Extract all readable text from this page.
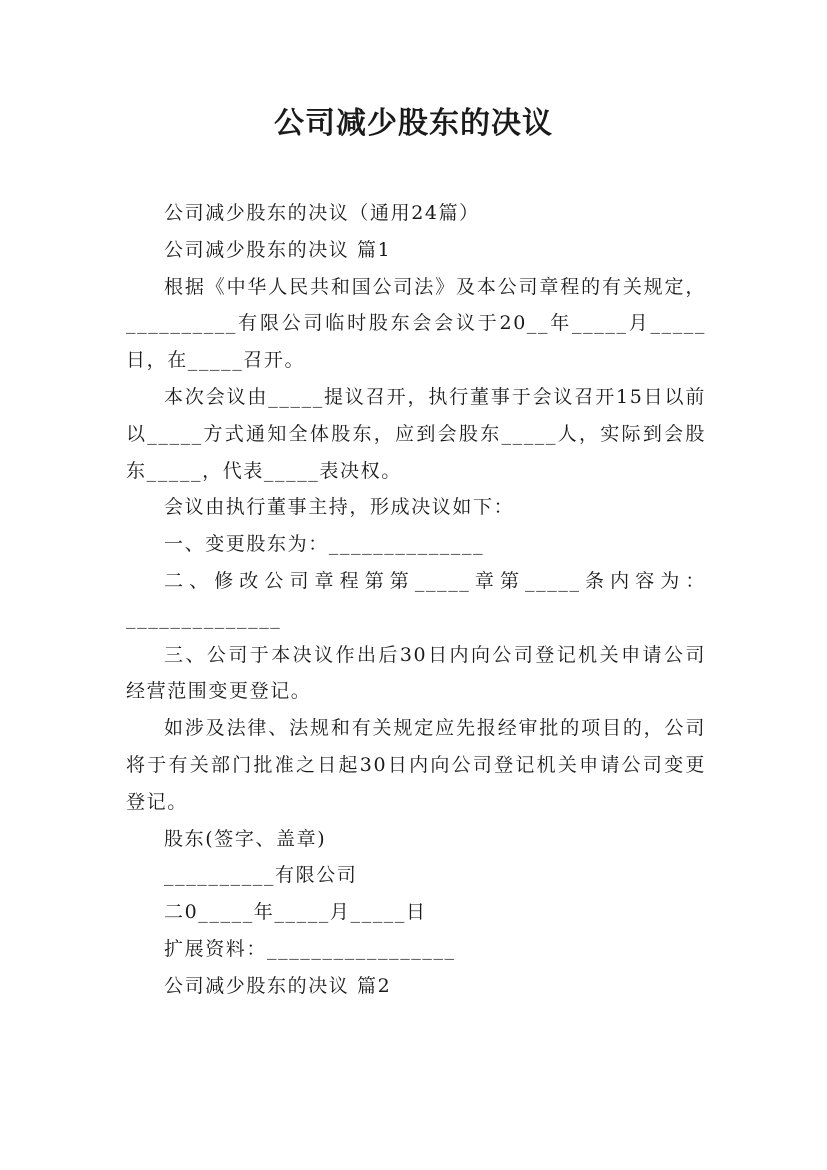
公司减少股东的决议

公司减少股东的决议（通用24篇）

公司减少股东的决议 篇1

根据《中华人民共和国公司法》及本公司章程的有关规定，__________有限公司临时股东会会议于20__年_____月_____日，在_____召开。

本次会议由_____提议召开，执行董事于会议召开15日以前以_____方式通知全体股东，应到会股东_____人，实际到会股东_____，代表_____表决权。

会议由执行董事主持，形成决议如下：

一、变更股东为：______________

二、修改公司章程第第_____章第_____条内容为：______________

三、公司于本决议作出后30日内向公司登记机关申请公司经营范围变更登记。

如涉及法律、法规和有关规定应先报经审批的项目的，公司将于有关部门批准之日起30日内向公司登记机关申请公司变更登记。

股东(签字、盖章)

__________有限公司

二0_____年_____月_____日

扩展资料：_________________

公司减少股东的决议 篇2
